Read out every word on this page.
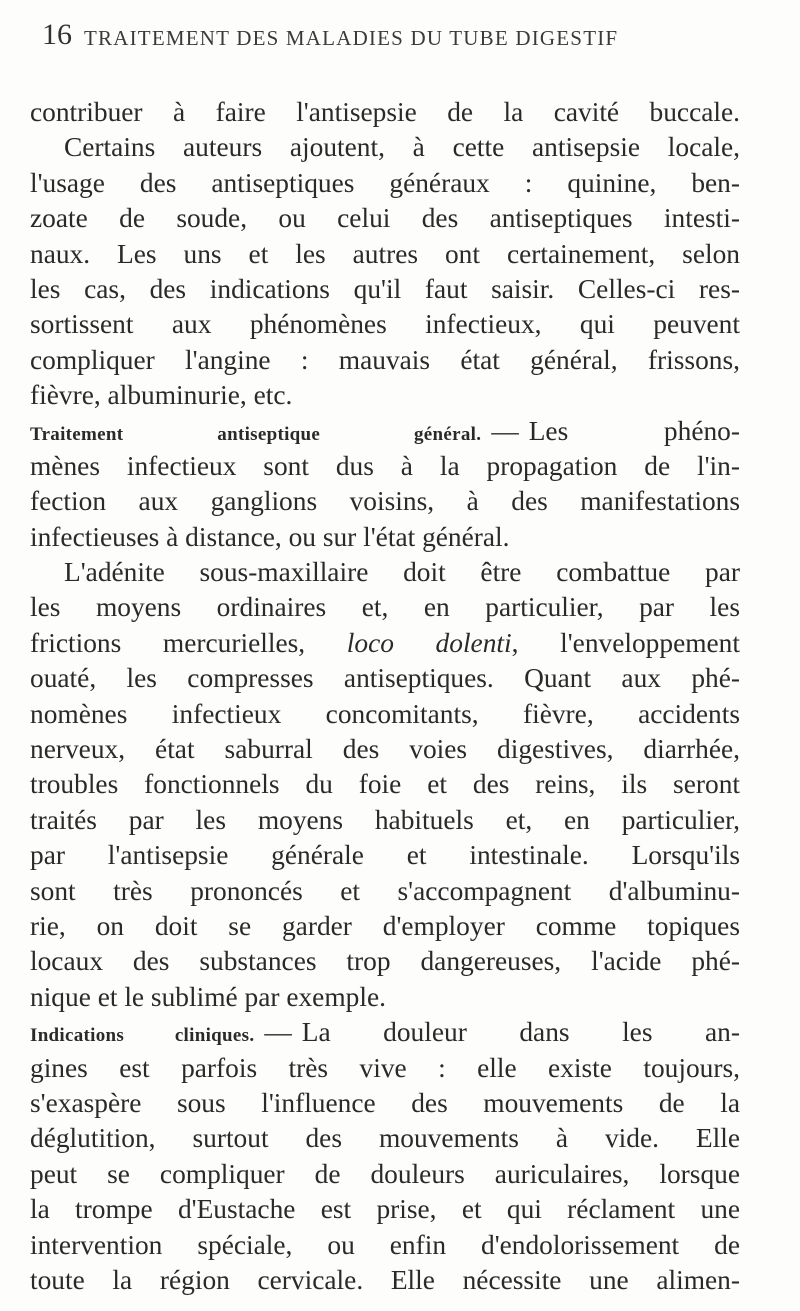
16 TRAITEMENT DES MALADIES DU TUBE DIGESTIF
contribuer à faire l'antisepsie de la cavité buccale.
Certains auteurs ajoutent, à cette antisepsie locale,
l'usage des antiseptiques généraux : quinine, ben-
zoate de soude, ou celui des antiseptiques intesti-
naux. Les uns et les autres ont certainement, selon
les cas, des indications qu'il faut saisir. Celles-ci res-
sortissent aux phénomènes infectieux, qui peuvent
compliquer l'angine : mauvais état général, frissons,
fièvre, albuminurie, etc.
Traitement antiseptique général. — Les phéno-
mènes infectieux sont dus à la propagation de l'in-
fection aux ganglions voisins, à des manifestations
infectieuses à distance, ou sur l'état général.
L'adénite sous-maxillaire doit être combattue par
les moyens ordinaires et, en particulier, par les
frictions mercurielles, loco dolenti, l'enveloppement
ouaté, les compresses antiseptiques. Quant aux phé-
nomènes infectieux concomitants, fièvre, accidents
nerveux, état saburral des voies digestives, diarrhée,
troubles fonctionnels du foie et des reins, ils seront
traités par les moyens habituels et, en particulier,
par l'antisepsie générale et intestinale. Lorsqu'ils
sont très prononcés et s'accompagnent d'albuminu-
rie, on doit se garder d'employer comme topiques
locaux des substances trop dangereuses, l'acide phé-
nique et le sublimé par exemple.
Indications cliniques. — La douleur dans les an-
gines est parfois très vive : elle existe toujours,
s'exaspère sous l'influence des mouvements de la
déglutition, surtout des mouvements à vide. Elle
peut se compliquer de douleurs auriculaires, lorsque
la trompe d'Eustache est prise, et qui réclament une
intervention spéciale, ou enfin d'endolorissement de
toute la région cervicale. Elle nécessite une alimen-
